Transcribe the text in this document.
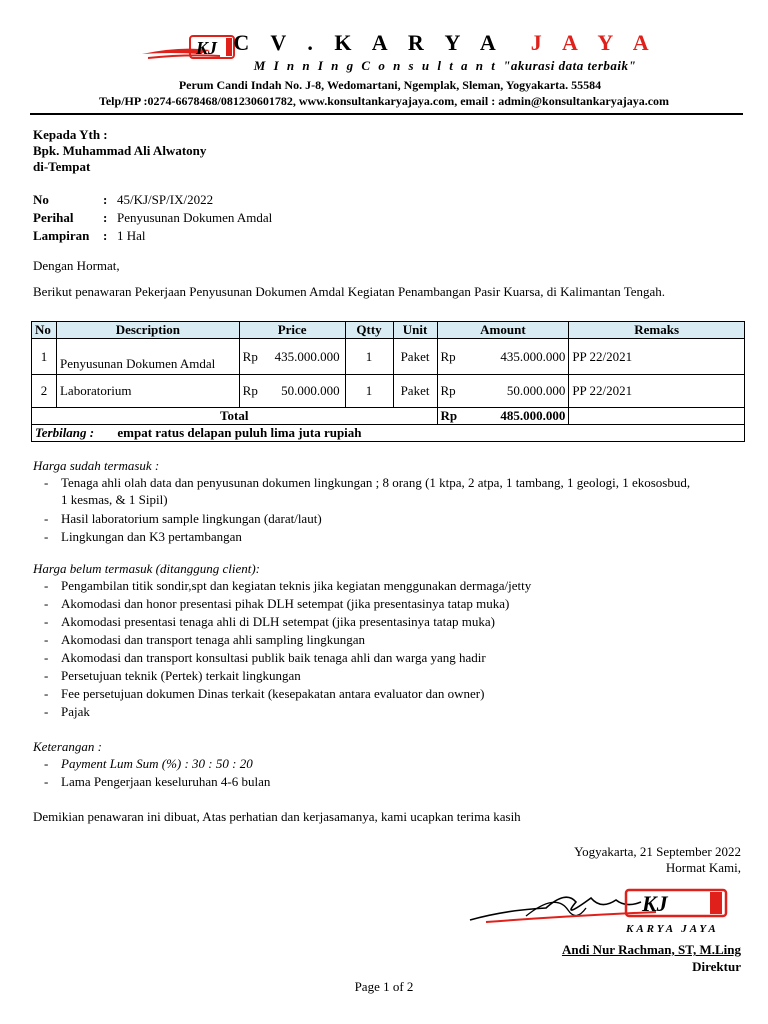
KJ C V . K A R Y A J A Y A
M I n n I n g C o n s u l t a n t "akurasi data terbaik"
Perum Candi Indah No. J-8, Wedomartani, Ngemplak, Sleman, Yogyakarta. 55584
Telp/HP :0274-6678468/081230601782, www.konsultankaryajaya.com, email : admin@konsultankaryajaya.com
Kepada Yth :
Bpk. Muhammad Ali Alwatony
di-Tempat
No	: 45/KJ/SP/IX/2022
Perihal : Penyusunan Dokumen Amdal
Lampiran : 1 Hal
Dengan Hormat,
Berikut penawaran Pekerjaan Penyusunan Dokumen Amdal Kegiatan Penambangan Pasir Kuarsa, di Kalimantan Tengah.
No	Description	Price	Qtty	Unit	Amount	Remaks
1	Penyusunan Dokumen Amdal	Rp 435.000.000	1	Paket	Rp 435.000.000	PP 22/2021
2	Laboratorium	Rp 50.000.000	1	Paket	Rp 50.000.000	PP 22/2021
Total					Rp 485.000.000	

Terbilang : empat ratus delapan puluh lima juta rupiah						
Harga sudah termasuk :
- Tenaga ahli olah data dan penyusunan dokumen lingkungan ; 8 orang (1 ktpa, 2 atpa, 1 tambang, 1 geologi, 1 ekososbud,
1 kesmas, & 1 Sipil)
- Hasil laboratorium sample lingkungan (darat/laut)
- Lingkungan dan K3 pertambangan
Harga belum termasuk (ditanggung client):
- Pengambilan titik sondir,spt dan kegiatan teknis jika kegiatan menggunakan dermaga/jetty
- Akomodasi dan honor presentasi pihak DLH setempat (jika presentasinya tatap muka)
- Akomodasi presentasi tenaga ahli di DLH setempat (jika presentasinya tatap muka)
- Akomodasi dan transport tenaga ahli sampling lingkungan
- Akomodasi dan transport konsultasi publik baik tenaga ahli dan warga yang hadir
- Persetujuan teknik (Pertek) terkait lingkungan
- Fee persetujuan dokumen Dinas terkait (kesepakatan antara evaluator dan owner)
- Pajak
Keterangan :
- Payment Lum Sum (%) : 30 : 50 : 20
- Lama Pengerjaan keseluruhan 4-6 bulan
Demikian penawaran ini dibuat, Atas perhatian dan kerjasamanya, kami ucapkan terima kasih
Yogyakarta, 21 September 2022
Hormat Kami,
KJ
KARYA JAYA
Andi Nur Rachman, ST, M.Ling
Direktur
Page 1 of 2
